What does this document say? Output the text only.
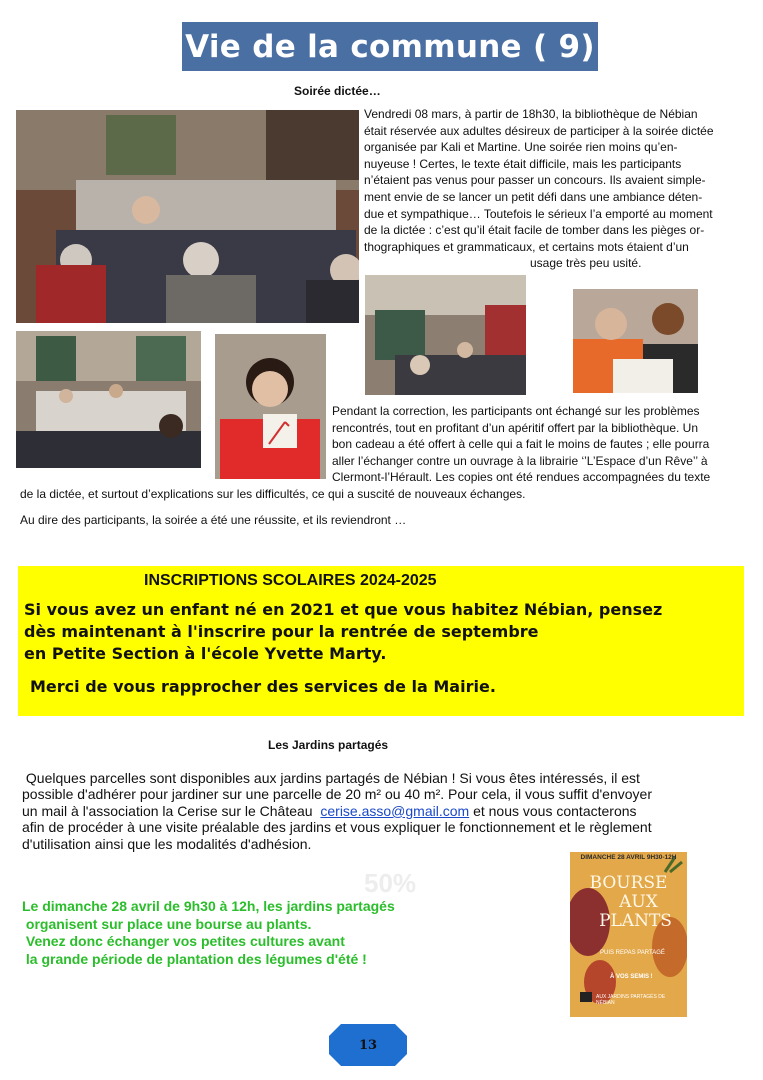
Vie de la commune ( 9)
Soirée dictée…
Vendredi 08 mars, à partir de 18h30, la bibliothèque de Nébian
était réservée aux adultes désireux de participer à la soirée dictée
organisée par Kali et Martine. Une soirée rien moins qu’en-
nuyeuse ! Certes, le texte était difficile, mais les participants
n’étaient pas venus pour passer un concours. Ils avaient simple-
ment envie de se lancer un petit défi dans une ambiance déten-
due et sympathique… Toutefois le sérieux l’a emporté au moment
de la dictée : c’est qu’il était facile de tomber dans les pièges or-
thographiques et grammaticaux, et certains mots étaient d’un
usage très peu usité.
Pendant la correction, les participants ont échangé sur les problèmes
rencontrés, tout en profitant d’un apéritif offert par la bibliothèque. Un
bon cadeau a été offert à celle qui a fait le moins de fautes ; elle pourra
aller l’échanger contre un ouvrage à la librairie ‘’L’Espace d’un Rêve’’ à
Clermont-l’Hérault. Les copies ont été rendues accompagnées du texte
de la dictée, et surtout d’explications sur les difficultés, ce qui a suscité de nouveaux échanges.
Au dire des participants, la soirée a été une réussite, et ils reviendront …
INSCRIPTIONS SCOLAIRES 2024-2025
Si vous avez un enfant né en 2021 et que vous habitez Nébian, pensez
dès maintenant à l'inscrire pour la rentrée de septembre
en Petite Section à l'école Yvette Marty.
Merci de vous rapprocher des services de la Mairie.
Les Jardins partagés
Quelques parcelles sont disponibles aux jardins partagés de Nébian ! Si vous êtes intéressés, il est
possible d'adhérer pour jardiner sur une parcelle de 20 m² ou 40 m². Pour cela, il vous suffit d'envoyer
un mail à l'association la Cerise sur le Château  cerise.asso@gmail.com et nous vous contacterons
afin de procéder à une visite préalable des jardins et vous expliquer le fonctionnement et le règlement
d'utilisation ainsi que les modalités d'adhésion.
50%
Le dimanche 28 avril de 9h30 à 12h, les jardins partagés
organisent sur place une bourse au plants.
Venez donc échanger vos petites cultures avant
la grande période de plantation des légumes d'été !
DIMANCHE 28 AVRIL 9H30-12H
BOURSE
AUX
PLANTS
PUIS REPAS PARTAGÉ
À VOS SEMIS !
AUX JARDINS PARTAGÉS DE NÉBIAN
13
